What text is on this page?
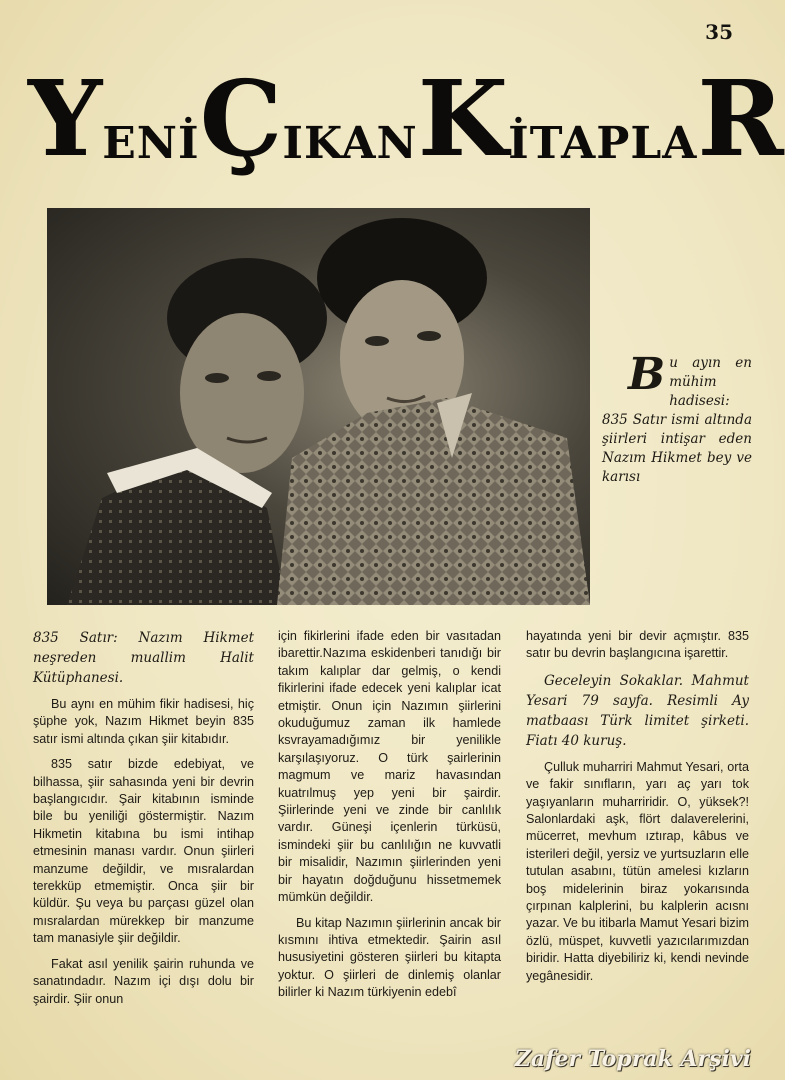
35
Y ENİ Ç IKAN K İTAPLA R
B u ayın en mühim hadisesi: 835 Satır ismi altında şiirleri intişar eden Nazım Hikmet bey ve karısı

835 Satır: Nazım Hikmet neşreden muallim Halit Kütüphanesi.

Bu aynı en mühim fikir hadisesi, hiç şüphe yok, Nazım Hikmet beyin 835 satır ismi altında çıkan şiir kitabıdır.

835 satır bizde edebiyat, ve bilhassa, şiir sahasında yeni bir devrin başlangıcıdır. Şair kitabının isminde bile bu yeniliği göstermiştir. Nazım Hikmetin kitabına bu ismi intihap etmesinin manası vardır. Onun şiirleri manzume değildir, ve mısralardan terekküp etmemiştir. Onca şiir bir küldür. Şu veya bu parçası güzel olan mısralardan mürekkep bir manzume tam manasiyle şiir değildir.

Fakat asıl yenilik şairin ruhunda ve sanatındadır. Nazım içi dışı dolu bir şairdir. Şiir onun

için fikirlerini ifade eden bir vasıtadan ibarettir.Nazıma eskidenberi tanıdığı bir takım kalıplar dar gelmiş, o kendi fikirlerini ifade edecek yeni kalıplar icat etmiştir. Onun için Nazımın şiirlerini okuduğumuz zaman ilk hamlede ksvrayamadığımız bir yenilikle karşılaşıyoruz. O türk şairlerinin magmum ve mariz havasından kuatrılmuş yep yeni bir şairdir. Şiirlerinde yeni ve zinde bir canlılık vardır. Güneşi içenlerin türküsü, ismindeki şiir bu canlılığın ne kuvvatli bir misalidir, Nazımın şiirlerinden yeni bir hayatın doğduğunu hissetmemek mümkün değildir.

Bu kitap Nazımın şiirlerinin ancak bir kısmını ihtiva etmektedir. Şairin asıl hususiyetini gösteren şiirleri bu kitapta yoktur. O şiirleri de dinlemiş olanlar bilirler ki Nazım türkiyenin edebî

hayatında yeni bir devir açmıştır. 835 satır bu devrin başlangıcına işarettir.

Geceleyin Sokaklar. Mahmut Yesari 79 sayfa. Resimli Ay matbaası Türk limitet şirketi. Fiatı 40 kuruş.

Çulluk muharriri Mahmut Yesari, orta ve fakir sınıfların, yarı aç yarı tok yaşıyanların muharriridir. O, yüksek?! Salonlardaki aşk, flört dalaverelerini, mücerret, mevhum ıztırap, kâbus ve isterileri değil, yersiz ve yurtsuzların elle tutulan asabını, tütün amelesi kızların boş midelerinin biraz yokarısında çırpınan kalplerini, bu kalplerin acısnı yazar. Ve bu itibarla Mamut Yesari bizim özlü, müspet, kuvvetli yazıcılarımızdan biridir. Hatta diyebiliriz ki, kendi nevinde yegânesidir.

Zafer Toprak Arşivi
